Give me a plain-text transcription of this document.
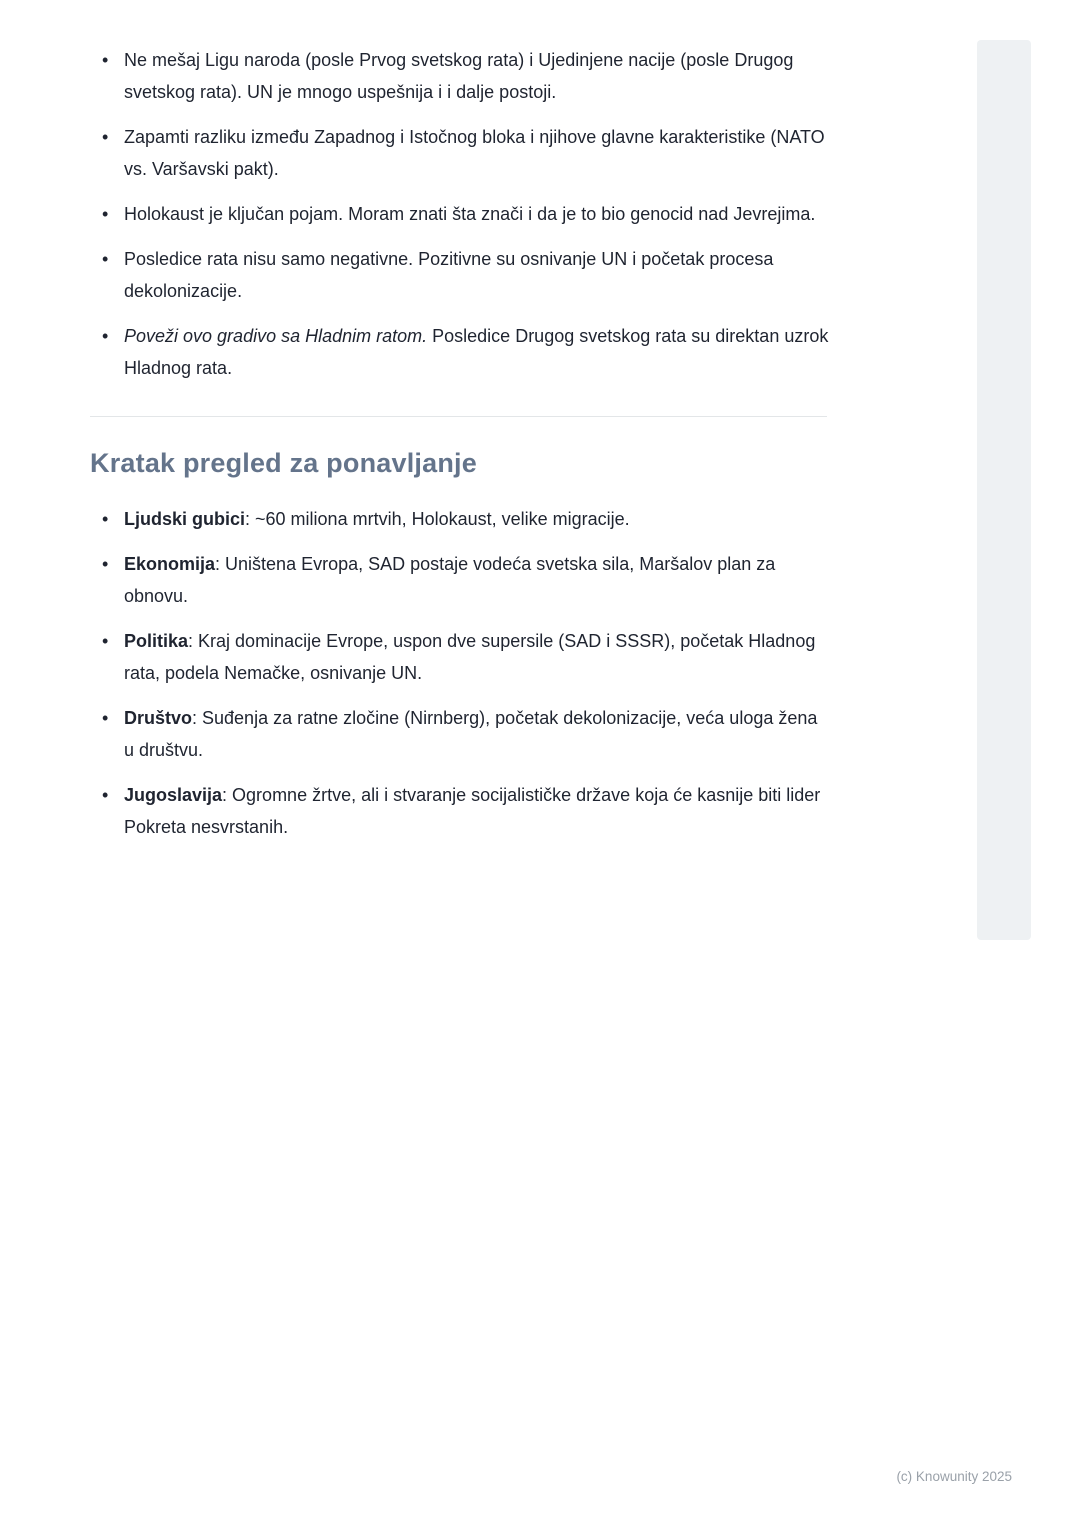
• Ne mešaj Ligu naroda (posle Prvog svetskog rata) i Ujedinjene nacije (posle Drugog svetskog rata). UN je mnogo uspešnija i i dalje postoji.
• Zapamti razliku između Zapadnog i Istočnog bloka i njihove glavne karakteristike (NATO vs. Varšavski pakt).
• Holokaust je ključan pojam. Moram znati šta znači i da je to bio genocid nad Jevrejima.
• Posledice rata nisu samo negativne. Pozitivne su osnivanje UN i početak procesa dekolonizacije.
• Poveži ovo gradivo sa Hladnim ratom. Posledice Drugog svetskog rata su direktan uzrok Hladnog rata.
Kratak pregled za ponavljanje
• Ljudski gubici: ~60 miliona mrtvih, Holokaust, velike migracije.
• Ekonomija: Uništena Evropa, SAD postaje vodeća svetska sila, Maršalov plan za obnovu.
• Politika: Kraj dominacije Evrope, uspon dve supersile (SAD i SSSR), početak Hladnog rata, podela Nemačke, osnivanje UN.
• Društvo: Suđenja za ratne zločine (Nirnberg), početak dekolonizacije, veća uloga žena u društvu.
• Jugoslavija: Ogromne žrtve, ali i stvaranje socijalističke države koja će kasnije biti lider Pokreta nesvrstanih.
(c) Knowunity 2025
